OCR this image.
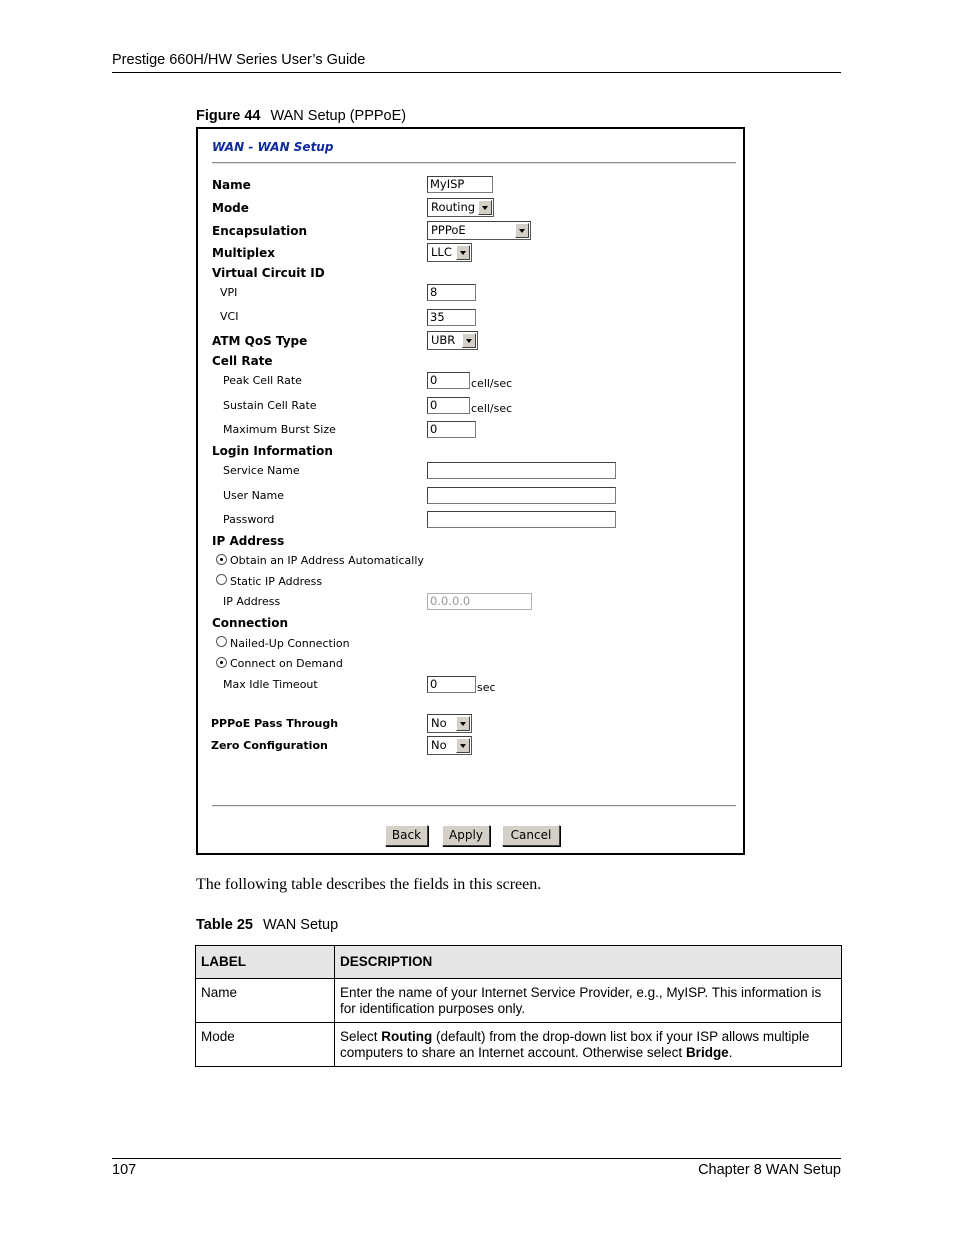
Prestige 660H/HW Series User’s Guide
Figure 44 WAN Setup (PPPoE)
WAN - WAN Setup
Name	MyISP
Mode	Routing
Encapsulation	PPPoE
Multiplex	LLC
Virtual Circuit ID
VPI	8
VCI	35
ATM QoS Type	UBR
Cell Rate
Peak Cell Rate	0	cell/sec
Sustain Cell Rate	0	cell/sec
Maximum Burst Size	0
Login Information
Service Name
User Name
Password
IP Address
Obtain an IP Address Automatically
Static IP Address
IP Address	0.0.0.0
Connection
Nailed-Up Connection
Connect on Demand
Max Idle Timeout	0	sec
PPPoE Pass Through	No
Zero Configuration	No
Back	Apply	Cancel
The following table describes the fields in this screen.
Table 25 WAN Setup
LABEL	DESCRIPTION
Name	Enter the name of your Internet Service Provider, e.g., MyISP. This information is for identification purposes only.
Mode	Select Routing (default) from the drop-down list box if your ISP allows multiple computers to share an Internet account. Otherwise select Bridge.
107	Chapter 8 WAN Setup
